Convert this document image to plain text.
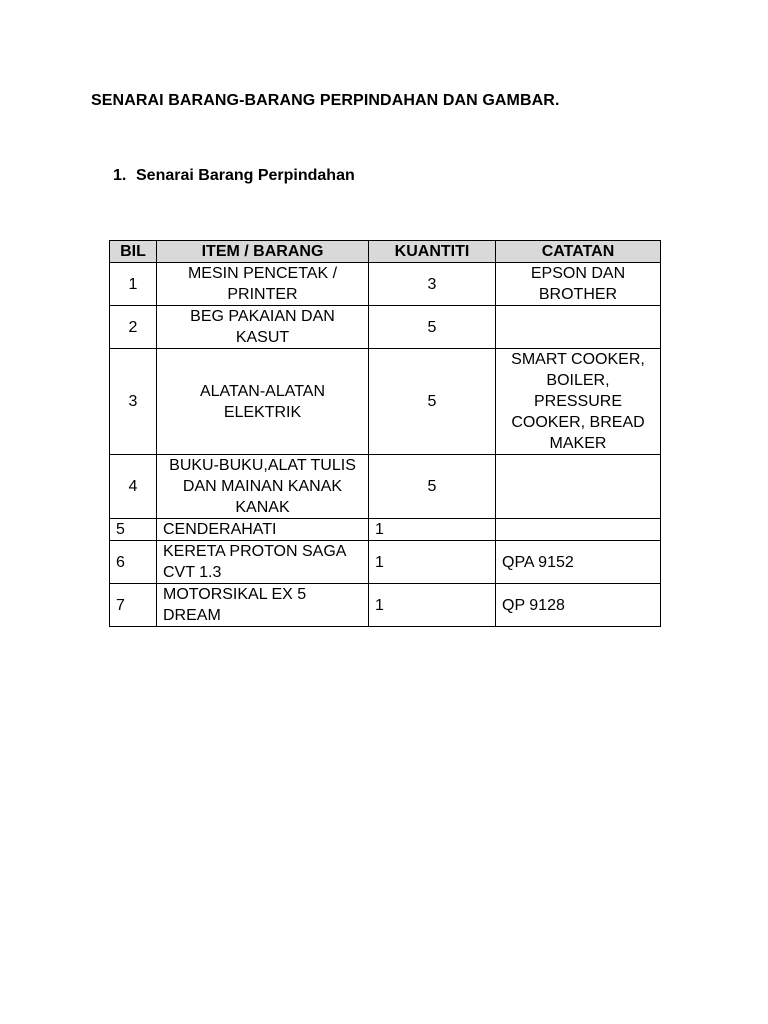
SENARAI BARANG-BARANG PERPINDAHAN DAN GAMBAR.
1. Senarai Barang Perpindahan
BIL	ITEM / BARANG	KUANTITI	CATATAN
1	MESIN PENCETAK / PRINTER	3	EPSON DAN BROTHER
2	BEG PAKAIAN DAN KASUT	5	
3	ALATAN-ALATAN ELEKTRIK	5	SMART COOKER, BOILER, PRESSURE COOKER, BREAD MAKER
4	BUKU-BUKU,ALAT TULIS DAN MAINAN KANAK KANAK	5	
5	CENDERAHATI	1	
6	KERETA PROTON SAGA CVT 1.3	1	QPA 9152
7	MOTORSIKAL EX 5 DREAM	1	QP 9128
